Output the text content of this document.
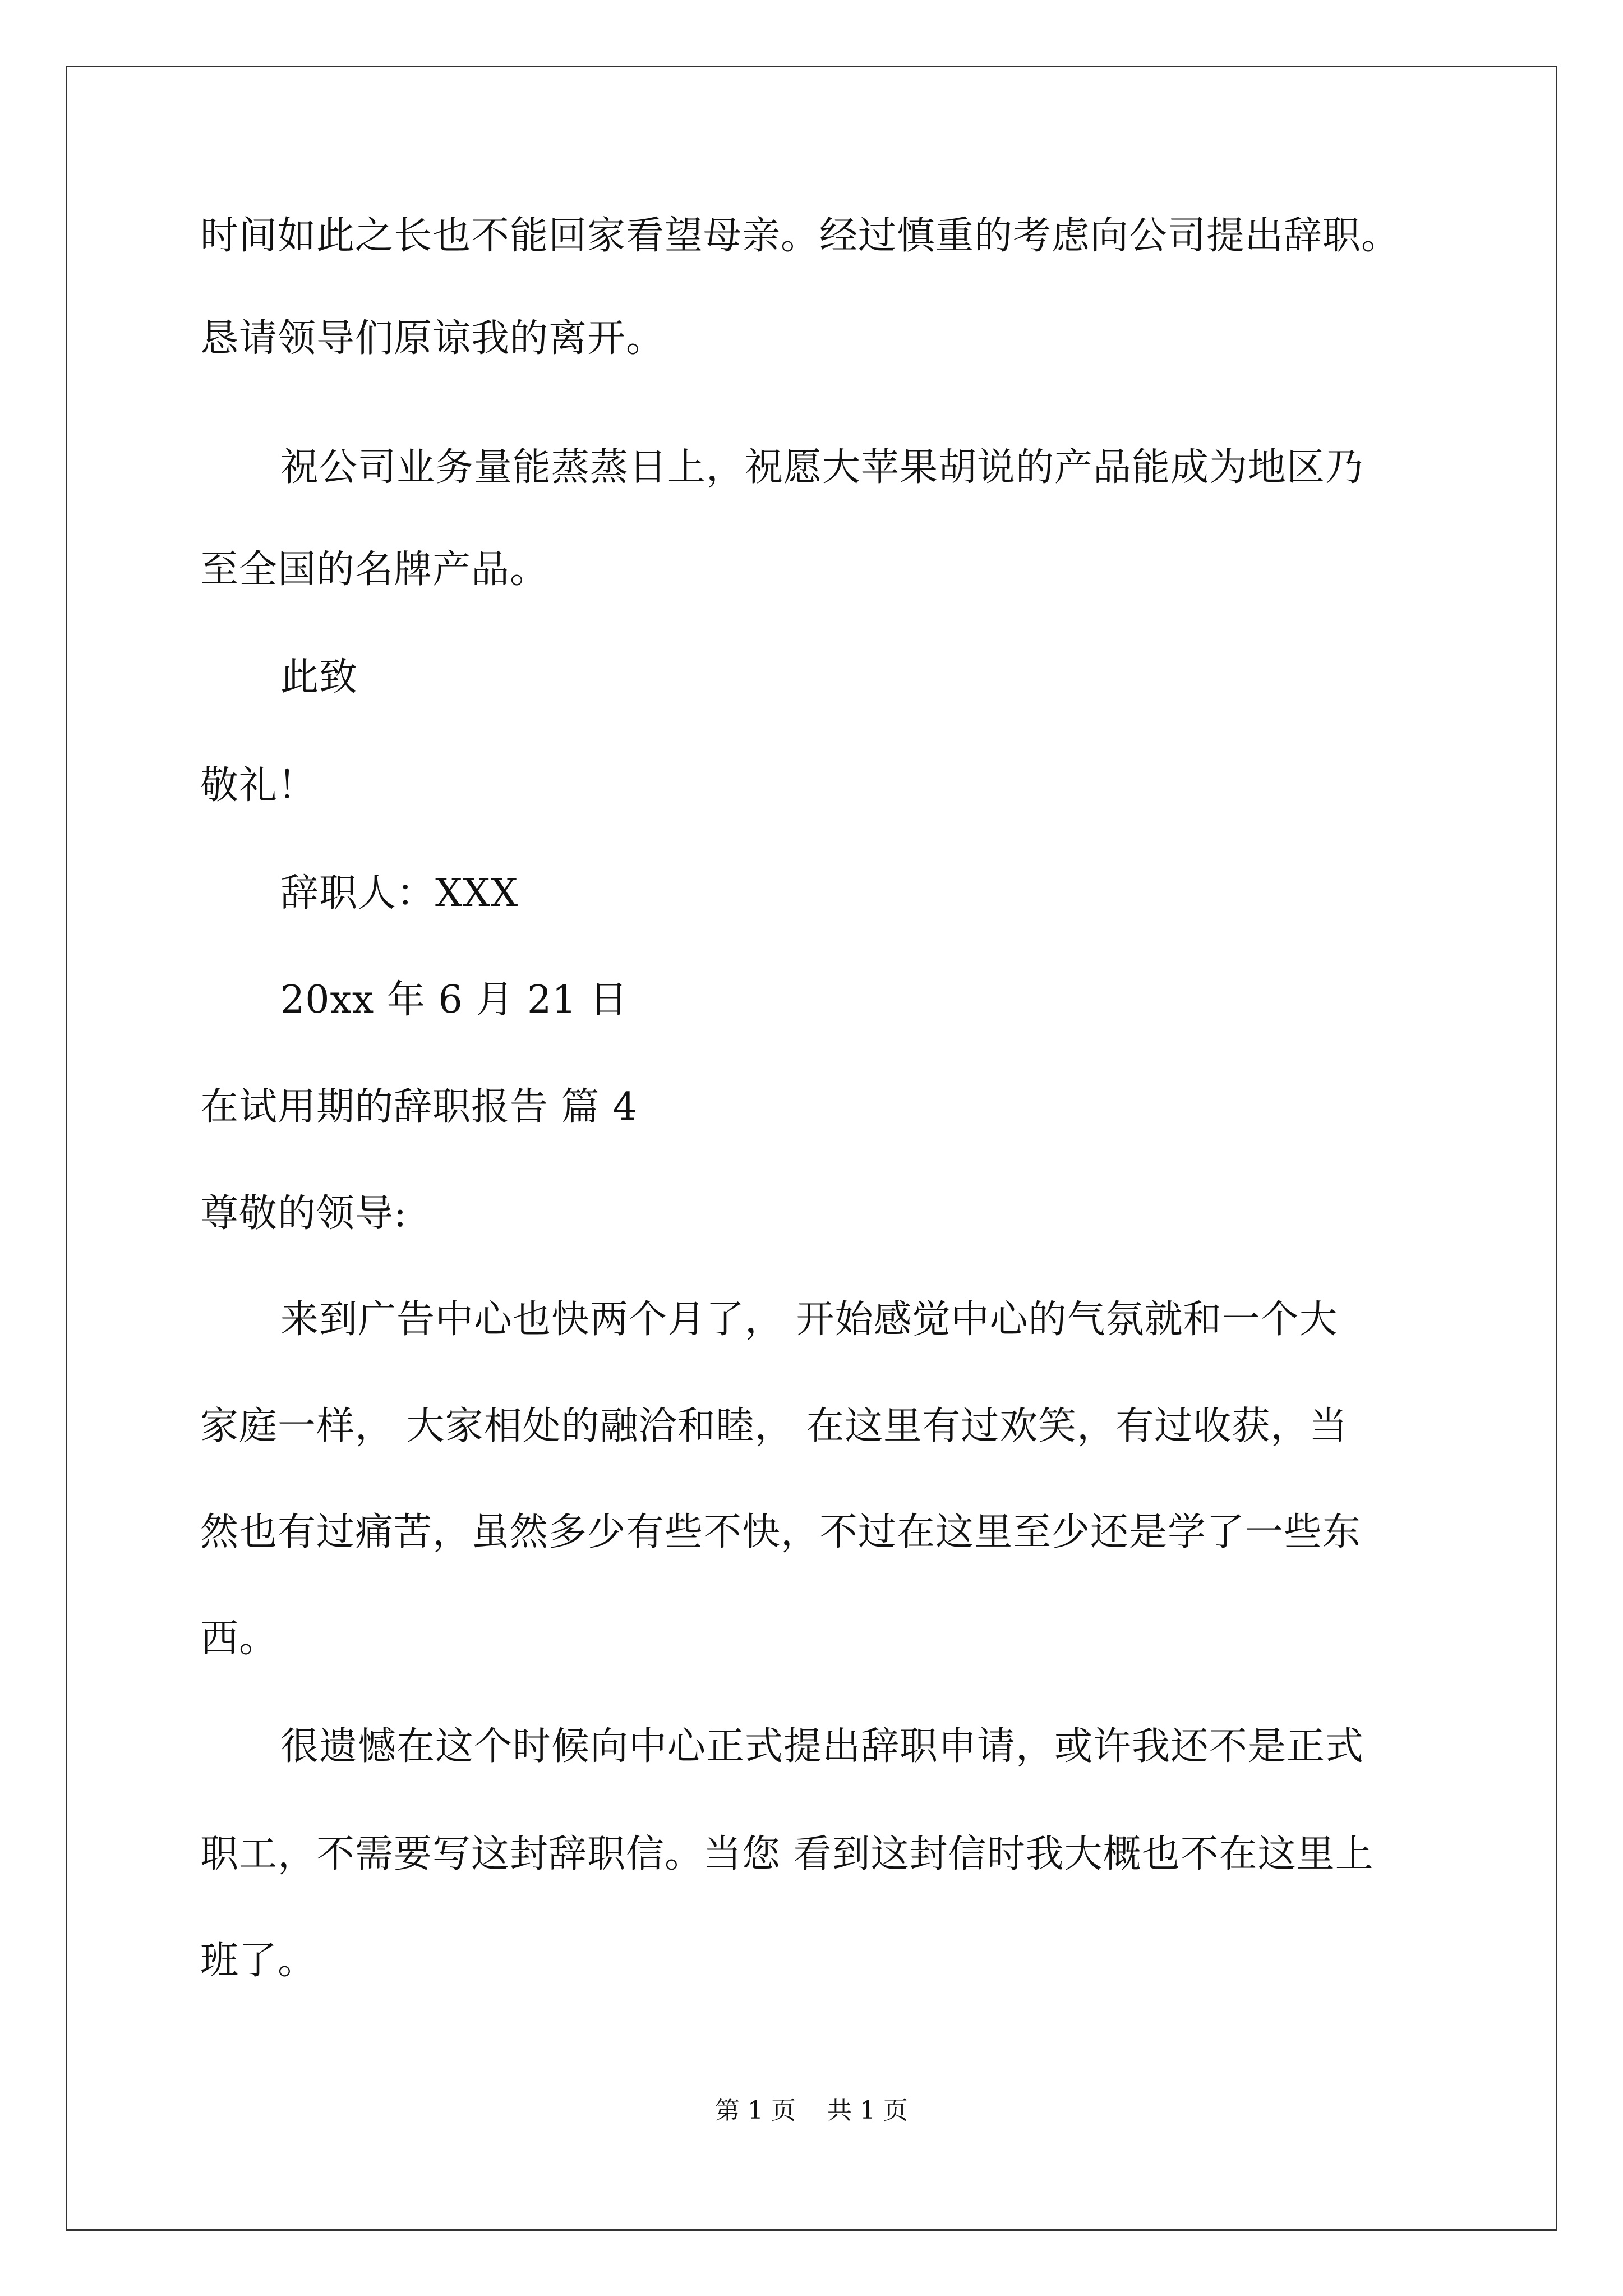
时间如此之长也不能回家看望母亲。经过慎重的考虑向公司提出辞职。
恳请领导们原谅我的离开。
祝公司业务量能蒸蒸日上，祝愿大苹果胡说的产品能成为地区乃
至全国的名牌产品。
此致
敬礼！
辞职人：XXX
20xx 年 6 月 21 日
在试用期的辞职报告 篇 4
尊敬的领导:
来到广告中心也快两个月了， 开始感觉中心的气氛就和一个大
家庭一样， 大家相处的融洽和睦， 在这里有过欢笑，有过收获，当
然也有过痛苦，虽然多少有些不快，不过在这里至少还是学了一些东
西。
很遗憾在这个时候向中心正式提出辞职申请，或许我还不是正式
职工，不需要写这封辞职信。当您 看到这封信时我大概也不在这里上
班了。
第 1 页    共 1 页
